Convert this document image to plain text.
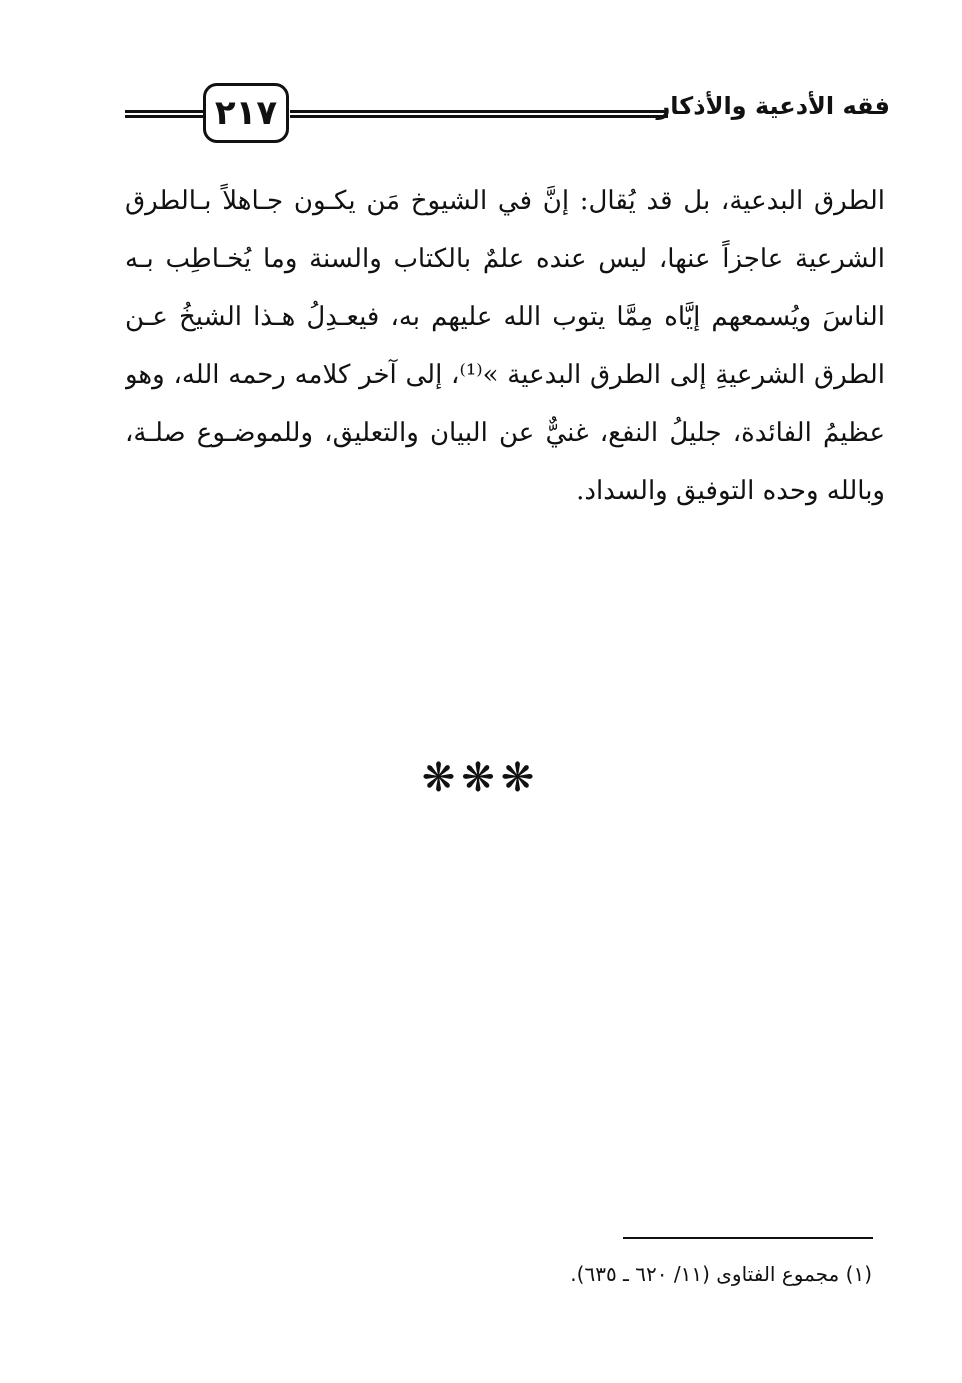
٢١٧	فقه الأدعية والأذكار
الطرق البدعية، بل قد يُقال: إنَّ في الشيوخ مَن يكـون جـاهلاً بـالطرق
الشرعية عاجزاً عنها، ليس عنده علمٌ بالكتاب والسنة وما يُخـاطِب بـه
الناسَ ويُسمعهم إيَّاه مِمَّا يتوب الله عليهم به، فيعـدِلُ هـذا الشيخُ عـن
الطرق الشرعيةِ إلى الطرق البدعية »⁽¹⁾، إلى آخر كلامه رحمه الله، وهو
عظيمُ الفائدة، جليلُ النفع، غنيٌّ عن البيان والتعليق، وللموضـوع صلـة،
وبالله وحده التوفيق والسداد.
❋❋❋
(١) مجموع الفتاوى (١١/ ٦٢٠ ـ ٦٣٥).
